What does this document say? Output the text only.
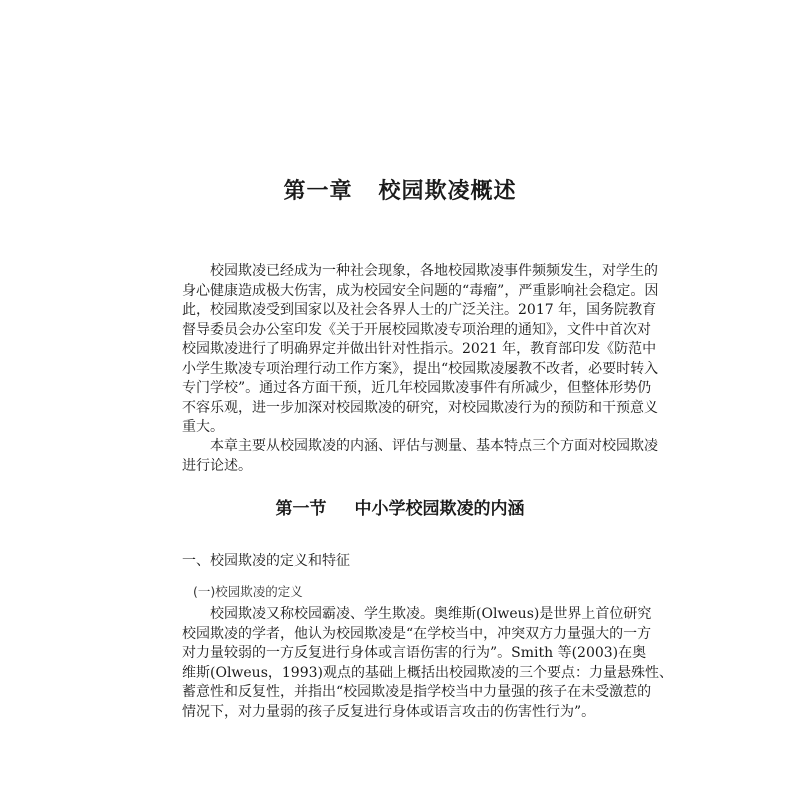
第一章 校园欺凌概述
校园欺凌已经成为一种社会现象，各地校园欺凌事件频频发生，对学生的
身心健康造成极大伤害，成为校园安全问题的“毒瘤”，严重影响社会稳定。因
此，校园欺凌受到国家以及社会各界人士的广泛关注。2017 年，国务院教育
督导委员会办公室印发《关于开展校园欺凌专项治理的通知》，文件中首次对
校园欺凌进行了明确界定并做出针对性指示。2021 年，教育部印发《防范中
小学生欺凌专项治理行动工作方案》，提出“校园欺凌屡教不改者，必要时转入
专门学校”。通过各方面干预，近几年校园欺凌事件有所减少，但整体形势仍
不容乐观，进一步加深对校园欺凌的研究，对校园欺凌行为的预防和干预意义
重大。
本章主要从校园欺凌的内涵、评估与测量、基本特点三个方面对校园欺凌
进行论述。
第一节 中小学校园欺凌的内涵
一、校园欺凌的定义和特征
(一)校园欺凌的定义
校园欺凌又称校园霸凌、学生欺凌。奥维斯(Olweus)是世界上首位研究
校园欺凌的学者，他认为校园欺凌是“在学校当中，冲突双方力量强大的一方
对力量较弱的一方反复进行身体或言语伤害的行为”。Smith 等(2003)在奥
维斯(Olweus，1993)观点的基础上概括出校园欺凌的三个要点：力量悬殊性、
蓄意性和反复性，并指出“校园欺凌是指学校当中力量强的孩子在未受激惹的
情况下，对力量弱的孩子反复进行身体或语言攻击的伤害性行为”。
